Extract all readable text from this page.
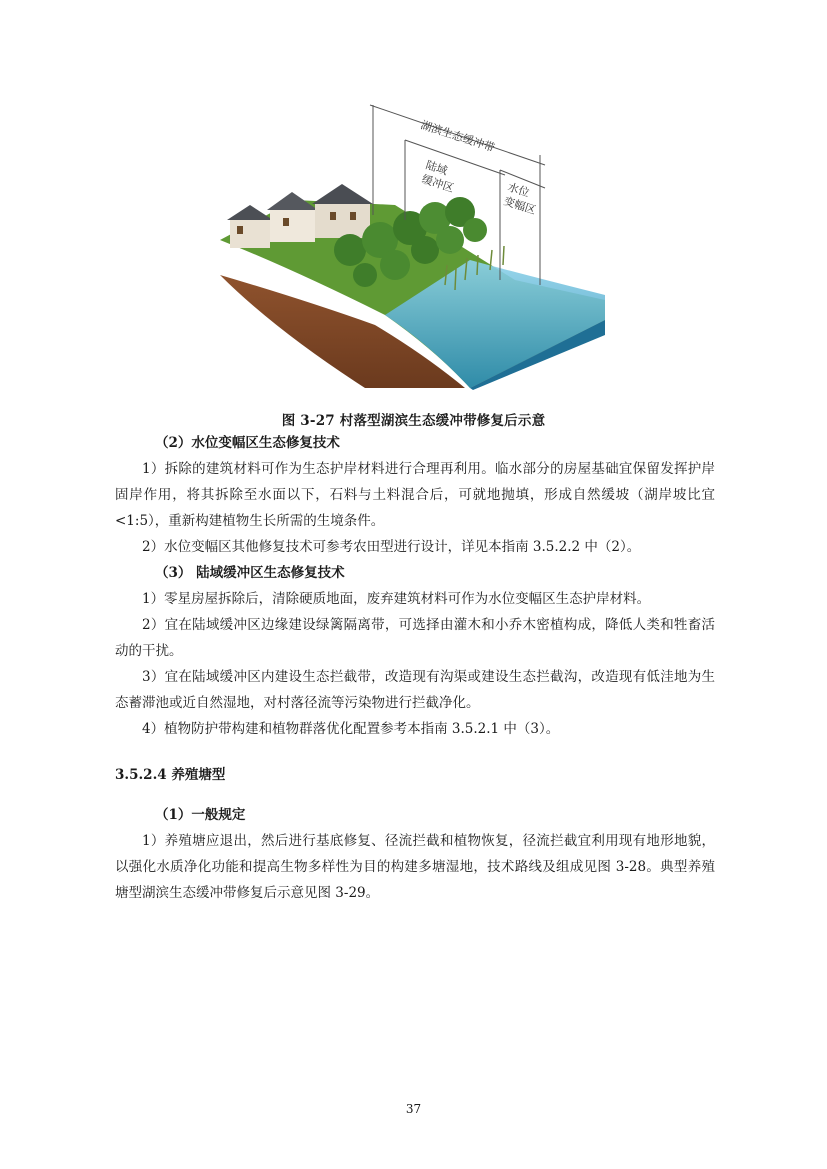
湖滨生态缓冲带
陆域
缓冲区	水位
变幅区
图 3-27 村落型湖滨生态缓冲带修复后示意

（2）水位变幅区生态修复技术

1）拆除的建筑材料可作为生态护岸材料进行合理再利用。临水部分的房屋基础宜保留发挥护岸固岸作用，将其拆除至水面以下，石料与土料混合后，可就地抛填，形成自然缓坡（湖岸坡比宜<1:5），重新构建植物生长所需的生境条件。

2）水位变幅区其他修复技术可参考农田型进行设计，详见本指南 3.5.2.2 中（2）。

（3） 陆域缓冲区生态修复技术

1）零星房屋拆除后，清除硬质地面，废弃建筑材料可作为水位变幅区生态护岸材料。

2）宜在陆域缓冲区边缘建设绿篱隔离带，可选择由灌木和小乔木密植构成，降低人类和牲畜活动的干扰。

3）宜在陆域缓冲区内建设生态拦截带，改造现有沟渠或建设生态拦截沟，改造现有低洼地为生态蓄滞池或近自然湿地，对村落径流等污染物进行拦截净化。

4）植物防护带构建和植物群落优化配置参考本指南 3.5.2.1 中（3）。

3.5.2.4 养殖塘型

（1）一般规定

1）养殖塘应退出，然后进行基底修复、径流拦截和植物恢复，径流拦截宜利用现有地形地貌，以强化水质净化功能和提高生物多样性为目的构建多塘湿地，技术路线及组成见图 3-28。典型养殖塘型湖滨生态缓冲带修复后示意见图 3-29。

37
